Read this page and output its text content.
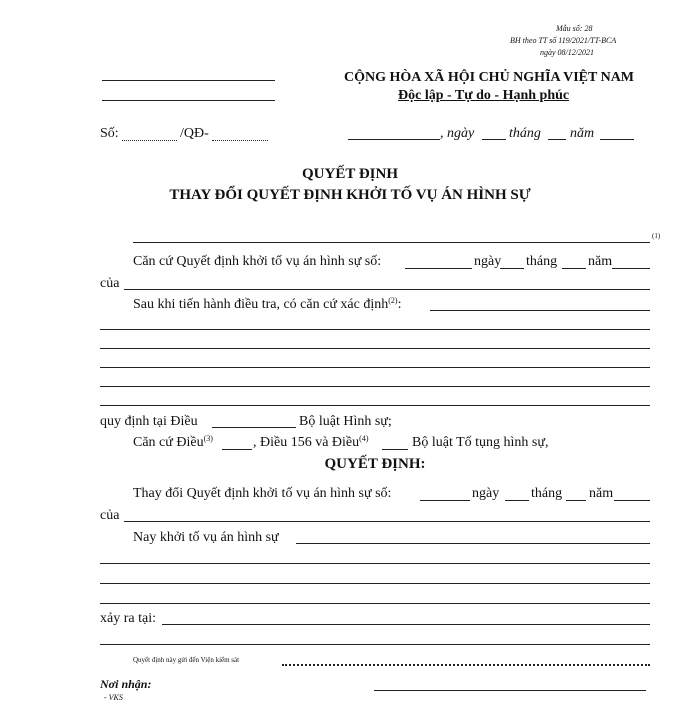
Mẫu số: 28
BH theo TT số 119/2021/TT-BCA
ngày 08/12/2021
CỘNG HÒA XÃ HỘI CHỦ NGHĨA VIỆT NAM
Độc lập - Tự do - Hạnh phúc
Số:	/QĐ-	, ngày tháng năm
QUYẾT ĐỊNH
THAY ĐỔI QUYẾT ĐỊNH KHỞI TỐ VỤ ÁN HÌNH SỰ
(1)
Căn cứ Quyết định khởi tố vụ án hình sự số:	ngày tháng năm
của
Sau khi tiến hành điều tra, có căn cứ xác định$^{(2)}$:
quy định tại Điều	Bộ luật Hình sự;
Căn cứ Điều$^{(3)}$	, Điều 156 và Điều$^{(4)}$	Bộ luật Tố tụng hình sự,
QUYẾT ĐỊNH:
Thay đổi Quyết định khởi tố vụ án hình sự số:	ngày tháng năm
của
Nay khởi tố vụ án hình sự
xảy ra tại:
Quyết định này gửi đến Viện kiểm sát
Nơi nhận:
- VKS
